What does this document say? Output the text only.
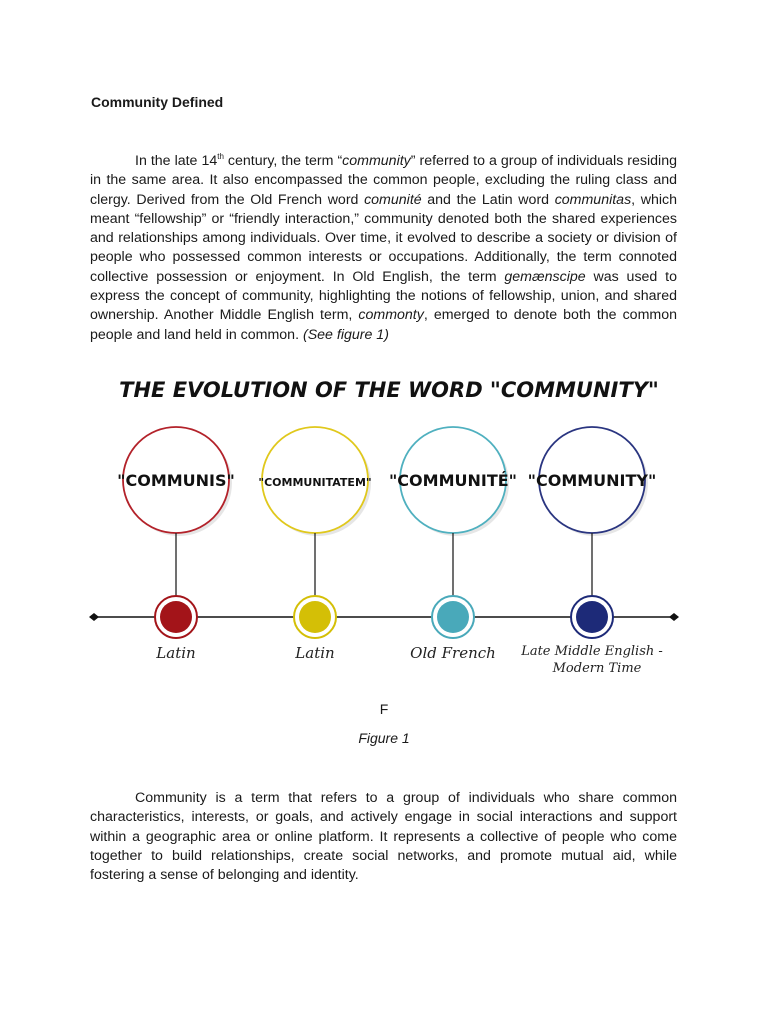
Community Defined

In the late 14th century, the term “community” referred to a group of individuals residing in the same area. It also encompassed the common people, excluding the ruling class and clergy. Derived from the Old French word comunité and the Latin word communitas, which meant “fellowship” or “friendly interaction,” community denoted both the shared experiences and relationships among individuals. Over time, it evolved to describe a society or division of people who possessed common interests or occupations. Additionally, the term connoted collective possession or enjoyment. In Old English, the term gemænscipe was used to express the concept of community, highlighting the notions of fellowship, union, and shared ownership. Another Middle English term, commonty, emerged to denote both the common people and land held in common. (See figure 1)

THE EVOLUTION OF THE WORD "COMMUNITY"
"COMMUNIS"
Latin
"COMMUNITATEM"
Latin
"COMMUNITÉ"
Old French
"COMMUNITY"
Late Middle English -
Modern Time
F
Figure 1

Community is a term that refers to a group of individuals who share common characteristics, interests, or goals, and actively engage in social interactions and support within a geographic area or online platform. It represents a collective of people who come together to build relationships, create social networks, and promote mutual aid, while fostering a sense of belonging and identity.
